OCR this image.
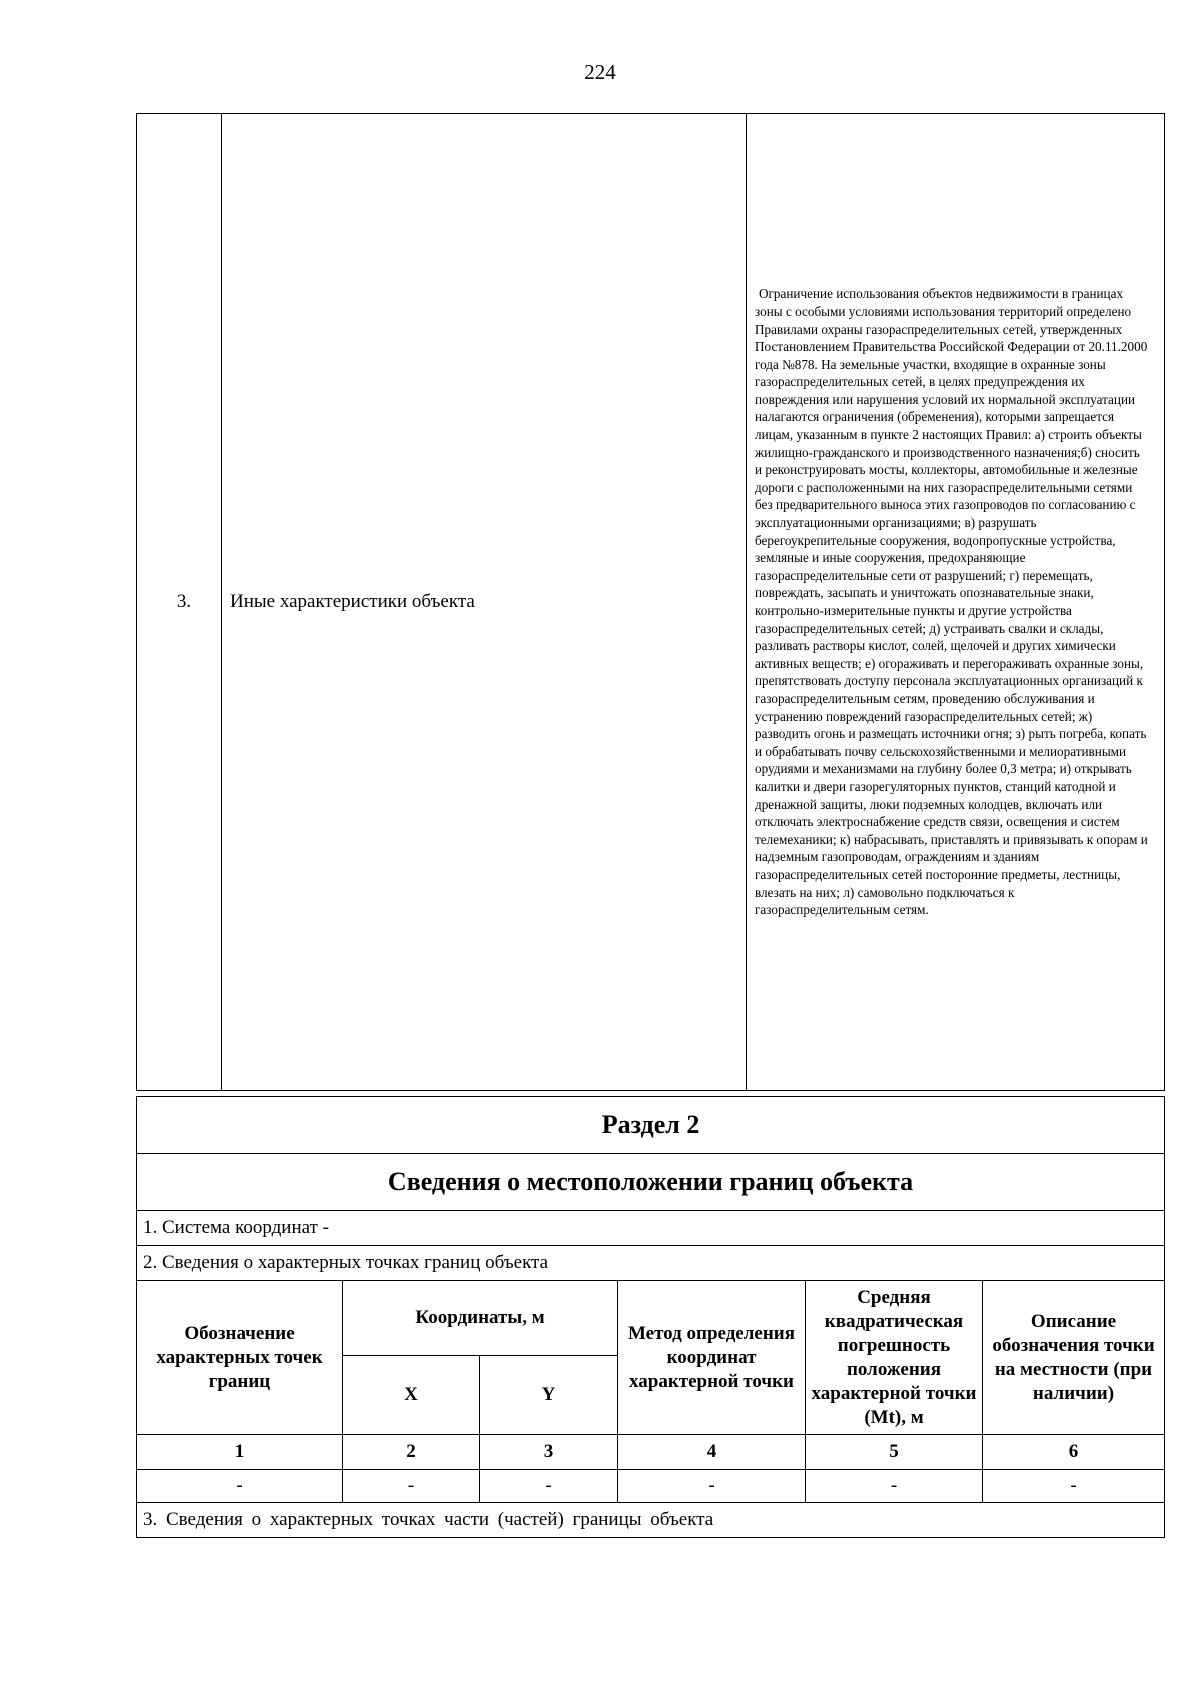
224
3.	Иные характеристики объекта	Ограничение использования объектов недвижимости в границах зоны с особыми условиями использования территорий определено Правилами охраны газораспределительных сетей, утвержденных Постановлением Правительства Российской Федерации от 20.11.2000 года №878. На земельные участки, входящие в охранные зоны газораспределительных сетей, в целях предупреждения их повреждения или нарушения условий их нормальной эксплуатации налагаются ограничения (обременения), которыми запрещается лицам, указанным в пункте 2 настоящих Правил: а) строить объекты жилищно-гражданского и производственного назначения;б) сносить и реконструировать мосты, коллекторы, автомобильные и железные дороги с расположенными на них газораспределительными сетями без предварительного выноса этих газопроводов по согласованию с эксплуатационными организациями; в) разрушать берегоукрепительные сооружения, водопропускные устройства, земляные и иные сооружения, предохраняющие газораспределительные сети от разрушений; г) перемещать, повреждать, засыпать и уничтожать опознавательные знаки, контрольно-измерительные пункты и другие устройства газораспределительных сетей; д) устраивать свалки и склады, разливать растворы кислот, солей, щелочей и других химически активных веществ; е) огораживать и перегораживать охранные зоны, препятствовать доступу персонала эксплуатационных организаций к газораспределительным сетям, проведению обслуживания и устранению повреждений газораспределительных сетей; ж) разводить огонь и размещать источники огня; з) рыть погреба, копать и обрабатывать почву сельскохозяйственными и мелиоративными орудиями и механизмами на глубину более 0,3 метра; и) открывать калитки и двери газорегуляторных пунктов, станций катодной и дренажной защиты, люки подземных колодцев, включать или отключать электроснабжение средств связи, освещения и систем телемеханики; к) набрасывать, приставлять и привязывать к опорам и надземным газопроводам, ограждениям и зданиям газораспределительных сетей посторонние предметы, лестницы, влезать на них; л) самовольно подключаться к газораспределительным сетям.
Раздел 2					
Сведения о местоположении границ объекта					
1. Система координат -					
2. Сведения о характерных точках границ объекта					
Обозначение характерных точек границ	Координаты, м		Метод определения координат характерной точки	Средняя квадратическая погрешность положения характерной точки (Mt), м	Описание обозначения точки на местности (при наличии)
	X	Y			
1	2	3	4	5	6
-	-	-	-	-	-
3. Сведения о характерных точках части (частей) границы объекта					
